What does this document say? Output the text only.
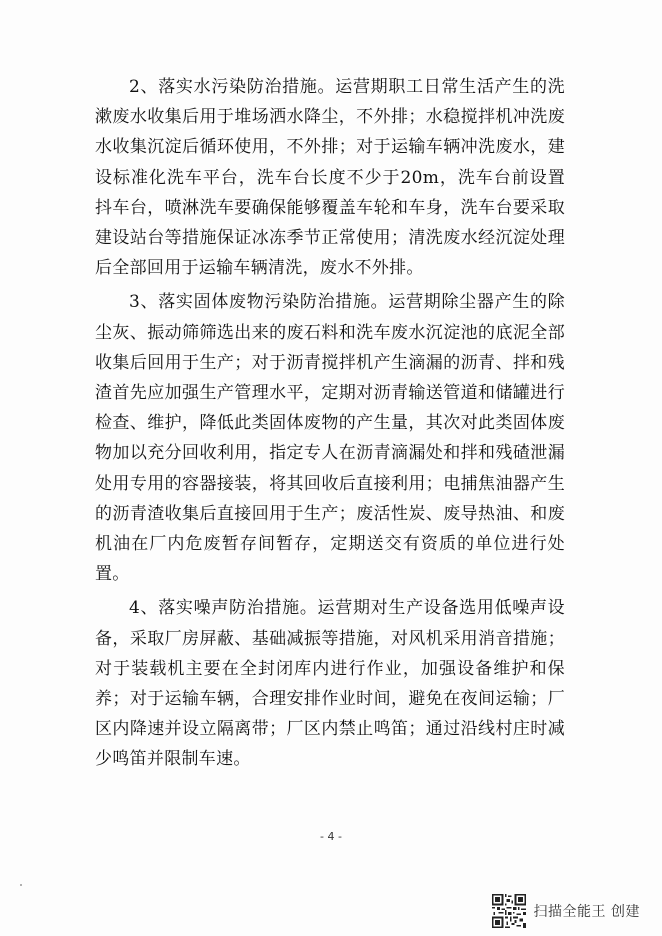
2、落实水污染防治措施。运营期职工日常生活产生的洗漱废水收集后用于堆场洒水降尘，不外排；水稳搅拌机冲洗废水收集沉淀后循环使用，不外排；对于运输车辆冲洗废水，建设标准化洗车平台，洗车台长度不少于20m，洗车台前设置抖车台，喷淋洗车要确保能够覆盖车轮和车身，洗车台要采取建设站台等措施保证冰冻季节正常使用；清洗废水经沉淀处理后全部回用于运输车辆清洗，废水不外排。

3、落实固体废物污染防治措施。运营期除尘器产生的除尘灰、振动筛筛选出来的废石料和洗车废水沉淀池的底泥全部收集后回用于生产；对于沥青搅拌机产生滴漏的沥青、拌和残渣首先应加强生产管理水平，定期对沥青输送管道和储罐进行检查、维护，降低此类固体废物的产生量，其次对此类固体废物加以充分回收利用，指定专人在沥青滴漏处和拌和残碴泄漏处用专用的容器接装，将其回收后直接利用；电捕焦油器产生的沥青渣收集后直接回用于生产；废活性炭、废导热油、和废机油在厂内危废暂存间暂存，定期送交有资质的单位进行处置。

4、落实噪声防治措施。运营期对生产设备选用低噪声设备，采取厂房屏蔽、基础减振等措施，对风机采用消音措施；对于装载机主要在全封闭库内进行作业，加强设备维护和保养；对于运输车辆，合理安排作业时间，避免在夜间运输；厂区内降速并设立隔离带；厂区内禁止鸣笛；通过沿线村庄时减少鸣笛并限制车速。

- 4 -
扫描全能王 创建
